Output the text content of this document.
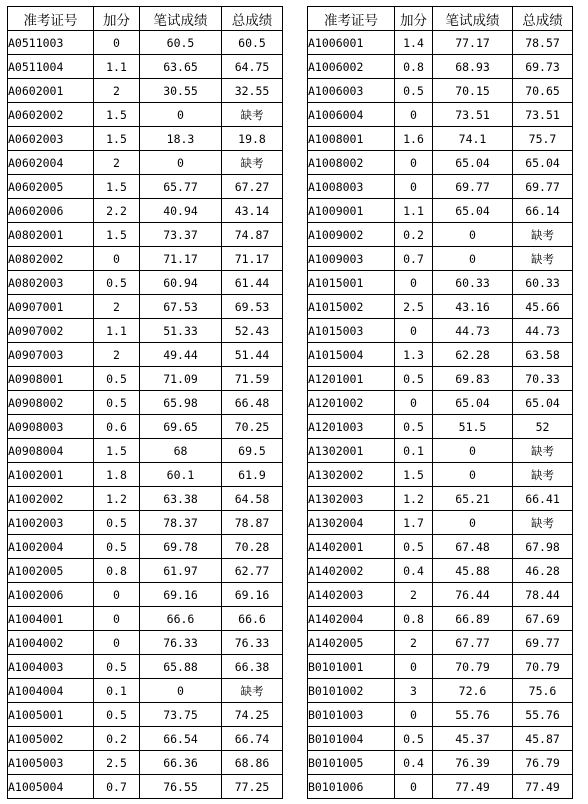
准考证号	加分	笔试成绩	总成绩
A0511003	0	60.5	60.5
A0511004	1.1	63.65	64.75
A0602001	2	30.55	32.55
A0602002	1.5	0	缺考
A0602003	1.5	18.3	19.8
A0602004	2	0	缺考
A0602005	1.5	65.77	67.27
A0602006	2.2	40.94	43.14
A0802001	1.5	73.37	74.87
A0802002	0	71.17	71.17
A0802003	0.5	60.94	61.44
A0907001	2	67.53	69.53
A0907002	1.1	51.33	52.43
A0907003	2	49.44	51.44
A0908001	0.5	71.09	71.59
A0908002	0.5	65.98	66.48
A0908003	0.6	69.65	70.25
A0908004	1.5	68	69.5
A1002001	1.8	60.1	61.9
A1002002	1.2	63.38	64.58
A1002003	0.5	78.37	78.87
A1002004	0.5	69.78	70.28
A1002005	0.8	61.97	62.77
A1002006	0	69.16	69.16
A1004001	0	66.6	66.6
A1004002	0	76.33	76.33
A1004003	0.5	65.88	66.38
A1004004	0.1	0	缺考
A1005001	0.5	73.75	74.25
A1005002	0.2	66.54	66.74
A1005003	2.5	66.36	68.86
A1005004	0.7	76.55	77.25
准考证号	加分	笔试成绩	总成绩
A1006001	1.4	77.17	78.57
A1006002	0.8	68.93	69.73
A1006003	0.5	70.15	70.65
A1006004	0	73.51	73.51
A1008001	1.6	74.1	75.7
A1008002	0	65.04	65.04
A1008003	0	69.77	69.77
A1009001	1.1	65.04	66.14
A1009002	0.2	0	缺考
A1009003	0.7	0	缺考
A1015001	0	60.33	60.33
A1015002	2.5	43.16	45.66
A1015003	0	44.73	44.73
A1015004	1.3	62.28	63.58
A1201001	0.5	69.83	70.33
A1201002	0	65.04	65.04
A1201003	0.5	51.5	52
A1302001	0.1	0	缺考
A1302002	1.5	0	缺考
A1302003	1.2	65.21	66.41
A1302004	1.7	0	缺考
A1402001	0.5	67.48	67.98
A1402002	0.4	45.88	46.28
A1402003	2	76.44	78.44
A1402004	0.8	66.89	67.69
A1402005	2	67.77	69.77
B0101001	0	70.79	70.79
B0101002	3	72.6	75.6
B0101003	0	55.76	55.76
B0101004	0.5	45.37	45.87
B0101005	0.4	76.39	76.79
B0101006	0	77.49	77.49
